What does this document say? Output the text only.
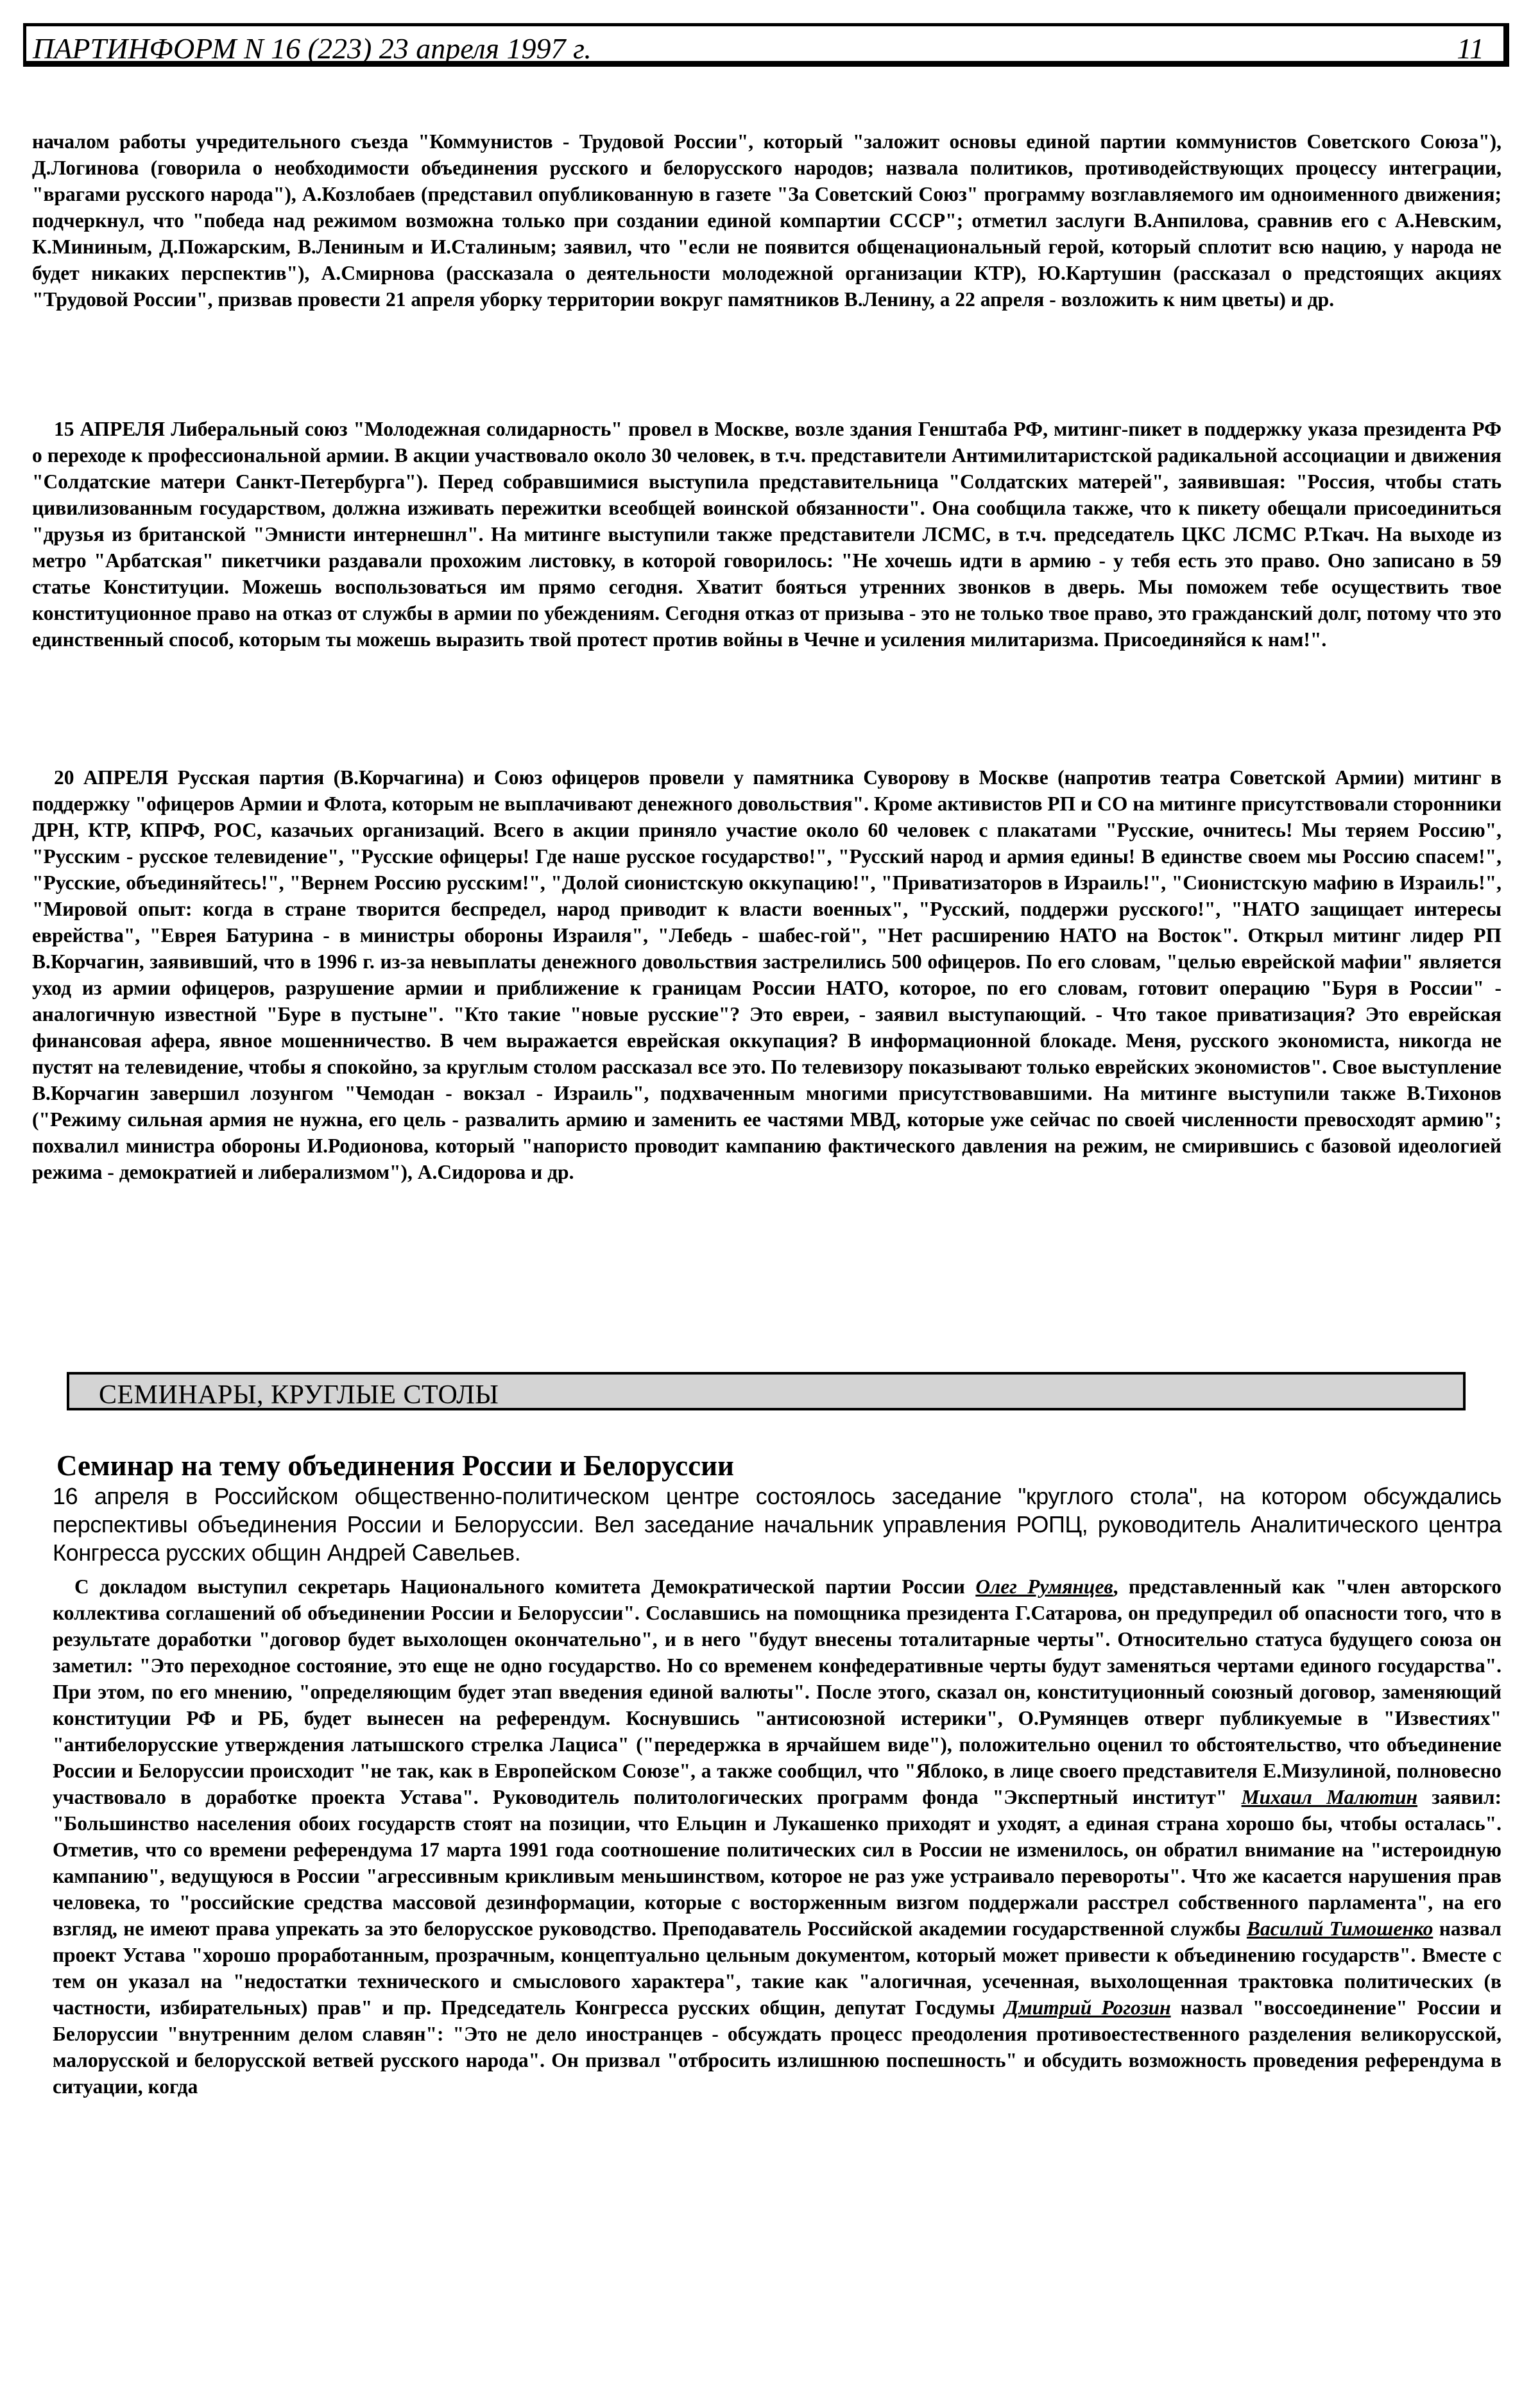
ПАРТИНФОРМ N 16 (223) 23 апреля 1997 г.	11

началом работы учредительного съезда "Коммунистов - Трудовой России", который "заложит основы единой партии коммунистов Советского Союза"), Д.Логинова (говорила о необходимости объединения русского и белорусского народов; назвала политиков, противодействующих процессу интеграции, "врагами русского народа"), А.Козлобаев (представил опубликованную в газете "За Советский Союз" программу возглавляемого им одноименного движения; подчеркнул, что "победа над режимом возможна только при создании единой компартии СССР"; отметил заслуги В.Анпилова, сравнив его с А.Невским, К.Мининым, Д.Пожарским, В.Лениным и И.Сталиным; заявил, что "если не появится общенациональный герой, который сплотит всю нацию, у народа не будет никаких перспектив"), А.Смирнова (рассказала о деятельности молодежной организации КТР), Ю.Картушин (рассказал о предстоящих акциях "Трудовой России", призвав провести 21 апреля уборку территории вокруг памятников В.Ленину, а 22 апреля - возложить к ним цветы) и др.

15 АПРЕЛЯ Либеральный союз "Молодежная солидарность" провел в Москве, возле здания Генштаба РФ, митинг-пикет в поддержку указа президента РФ о переходе к профессиональной армии. В акции участвовало около 30 человек, в т.ч. представители Антимилитаристской радикальной ассоциации и движения "Солдатские матери Санкт-Петербурга"). Перед собравшимися выступила представительница "Солдатских матерей", заявившая: "Россия, чтобы стать цивилизованным государством, должна изживать пережитки всеобщей воинской обязанности". Она сообщила также, что к пикету обещали присоединиться "друзья из британской "Эмнисти интернешнл". На митинге выступили также представители ЛСМС, в т.ч. председатель ЦКС ЛСМС Р.Ткач. На выходе из метро "Арбатская" пикетчики раздавали прохожим листовку, в которой говорилось: "Не хочешь идти в армию - у тебя есть это право. Оно записано в 59 статье Конституции. Можешь воспользоваться им прямо сегодня. Хватит бояться утренних звонков в дверь. Мы поможем тебе осуществить твое конституционное право на отказ от службы в армии по убеждениям. Сегодня отказ от призыва - это не только твое право, это гражданский долг, потому что это единственный способ, которым ты можешь выразить твой протест против войны в Чечне и усиления милитаризма. Присоединяйся к нам!".

20 АПРЕЛЯ Русская партия (В.Корчагина) и Союз офицеров провели у памятника Суворову в Москве (напротив театра Советской Армии) митинг в поддержку "офицеров Армии и Флота, которым не выплачивают денежного довольствия". Кроме активистов РП и СО на митинге присутствовали сторонники ДРН, КТР, КПРФ, РОС, казачьих организаций. Всего в акции приняло участие около 60 человек с плакатами "Русские, очнитесь! Мы теряем Россию", "Русским - русское телевидение", "Русские офицеры! Где наше русское государство!", "Русский народ и армия едины! В единстве своем мы Россию спасем!", "Русские, объединяйтесь!", "Вернем Россию русским!", "Долой сионистскую оккупацию!", "Приватизаторов в Израиль!", "Сионистскую мафию в Израиль!", "Мировой опыт: когда в стране творится беспредел, народ приводит к власти военных", "Русский, поддержи русского!", "НАТО защищает интересы еврейства", "Еврея Батурина - в министры обороны Израиля", "Лебедь - шабес-гой", "Нет расширению НАТО на Восток". Открыл митинг лидер РП В.Корчагин, заявивший, что в 1996 г. из-за невыплаты денежного довольствия застрелились 500 офицеров. По его словам, "целью еврейской мафии" является уход из армии офицеров, разрушение армии и приближение к границам России НАТО, которое, по его словам, готовит операцию "Буря в России" - аналогичную известной "Буре в пустыне". "Кто такие "новые русские"? Это евреи, - заявил выступающий. - Что такое приватизация? Это еврейская финансовая афера, явное мошенничество. В чем выражается еврейская оккупация? В информационной блокаде. Меня, русского экономиста, никогда не пустят на телевидение, чтобы я спокойно, за круглым столом рассказал все это. По телевизору показывают только еврейских экономистов". Свое выступление В.Корчагин завершил лозунгом "Чемодан - вокзал - Израиль", подхваченным многими присутствовавшими. На митинге выступили также В.Тихонов ("Режиму сильная армия не нужна, его цель - развалить армию и заменить ее частями МВД, которые уже сейчас по своей численности превосходят армию"; похвалил министра обороны И.Родионова, который "напористо проводит кампанию фактического давления на режим, не смирившись с базовой идеологией режима - демократией и либерализмом"), А.Сидорова и др.

СЕМИНАРЫ, КРУГЛЫЕ СТОЛЫ
Семинар на тему объединения России и Белоруссии
16 апреля в Российском общественно-политическом центре состоялось заседание "круглого стола", на котором обсуждались перспективы объединения России и Белоруссии. Вел заседание начальник управления РОПЦ, руководитель Аналитического центра Конгресса русских общин Андрей Савельев.

С докладом выступил секретарь Национального комитета Демократической партии России Олег Румянцев, представленный как "член авторского коллектива соглашений об объединении России и Белоруссии". Сославшись на помощника президента Г.Сатарова, он предупредил об опасности того, что в результате доработки "договор будет выхолощен окончательно", и в него "будут внесены тоталитарные черты". Относительно статуса будущего союза он заметил: "Это переходное состояние, это еще не одно государство. Но со временем конфедеративные черты будут заменяться чертами единого государства". При этом, по его мнению, "определяющим будет этап введения единой валюты". После этого, сказал он, конституционный союзный договор, заменяющий конституции РФ и РБ, будет вынесен на референдум. Коснувшись "антисоюзной истерики", О.Румянцев отверг публикуемые в "Известиях" "антибелорусские утверждения латышского стрелка Лациса" ("передержка в ярчайшем виде"), положительно оценил то обстоятельство, что объединение России и Белоруссии происходит "не так, как в Европейском Союзе", а также сообщил, что "Яблоко, в лице своего представителя Е.Мизулиной, полновесно участвовало в доработке проекта Устава". Руководитель политологических программ фонда "Экспертный институт" Михаил Малютин заявил: "Большинство населения обоих государств стоят на позиции, что Ельцин и Лукашенко приходят и уходят, а единая страна хорошо бы, чтобы осталась". Отметив, что со времени референдума 17 марта 1991 года соотношение политических сил в России не изменилось, он обратил внимание на "истероидную кампанию", ведущуюся в России "агрессивным крикливым меньшинством, которое не раз уже устраивало перевороты". Что же касается нарушения прав человека, то "российские средства массовой дезинформации, которые с восторженным визгом поддержали расстрел собственного парламента", на его взгляд, не имеют права упрекать за это белорусское руководство. Преподаватель Российской академии государственной службы Василий Тимошенко назвал проект Устава "хорошо проработанным, прозрачным, концептуально цельным документом, который может привести к объединению государств". Вместе с тем он указал на "недостатки технического и смыслового характера", такие как "алогичная, усеченная, выхолощенная трактовка политических (в частности, избирательных) прав" и пр. Председатель Конгресса русских общин, депутат Госдумы Дмитрий Рогозин назвал "воссоединение" России и Белоруссии "внутренним делом славян": "Это не дело иностранцев - обсуждать процесс преодоления противоестественного разделения великорусской, малорусской и белорусской ветвей русского народа". Он призвал "отбросить излишнюю поспешность" и обсудить возможность проведения референдума в ситуации, когда
